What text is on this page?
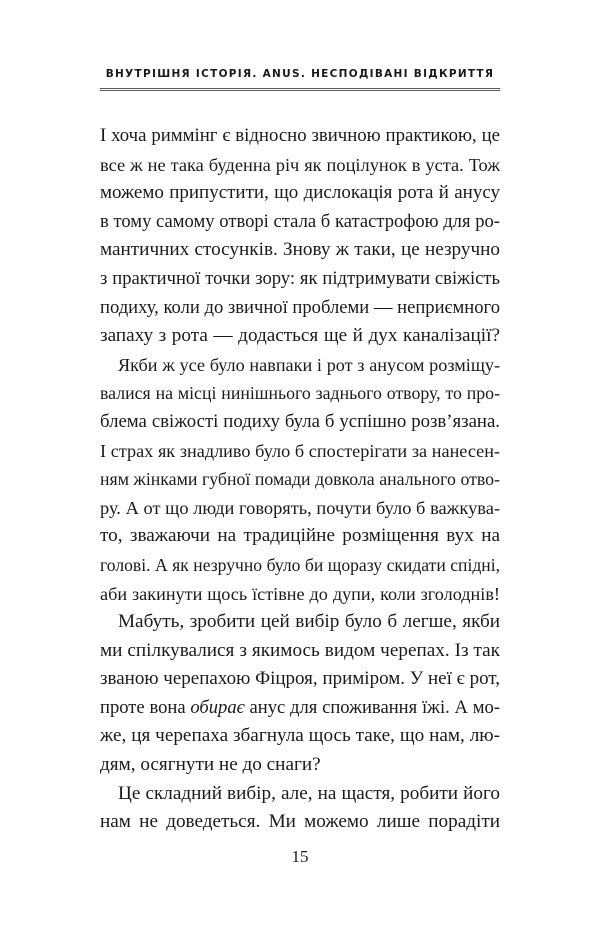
ВНУТРІШНЯ ІСТОРІЯ. ANUS. НЕСПОДІВАНІ ВІДКРИТТЯ
І хоча риммінг є відносно звичною практикою, це
все ж не така буденна річ як поцілунок в уста. Тож
можемо припустити, що дислокація рота й анусу
в тому самому отворі стала б катастрофою для ро-
мантичних стосунків. Знову ж таки, це незручно
з практичної точки зору: як підтримувати свіжість
подиху, коли до звичної проблеми — неприємного
запаху з рота — додасться ще й дух каналізації?
Якби ж усе було навпаки і рот з анусом розміщу-
валися на місці нинішнього заднього отвору, то про-
блема свіжості подиху була б успішно розв’язана.
І страх як знадливо було б спостерігати за нанесен-
ням жінками губної помади довкола анального отво-
ру. А от що люди говорять, почути було б важкува-
то, зважаючи на традиційне розміщення вух на
голові. А як незручно було би щоразу скидати спідні,
аби закинути щось їстівне до дупи, коли зголоднів!
Мабуть, зробити цей вибір було б легше, якби
ми спілкувалися з якимось видом черепах. Із так
званою черепахою Фіцроя, приміром. У неї є рот,
проте вона обирає анус для споживання їжі. А мо-
же, ця черепаха збагнула щось таке, що нам, лю-
дям, осягнути не до снаги?
Це складний вибір, але, на щастя, робити його
нам не доведеться. Ми можемо лише порадіти
15
